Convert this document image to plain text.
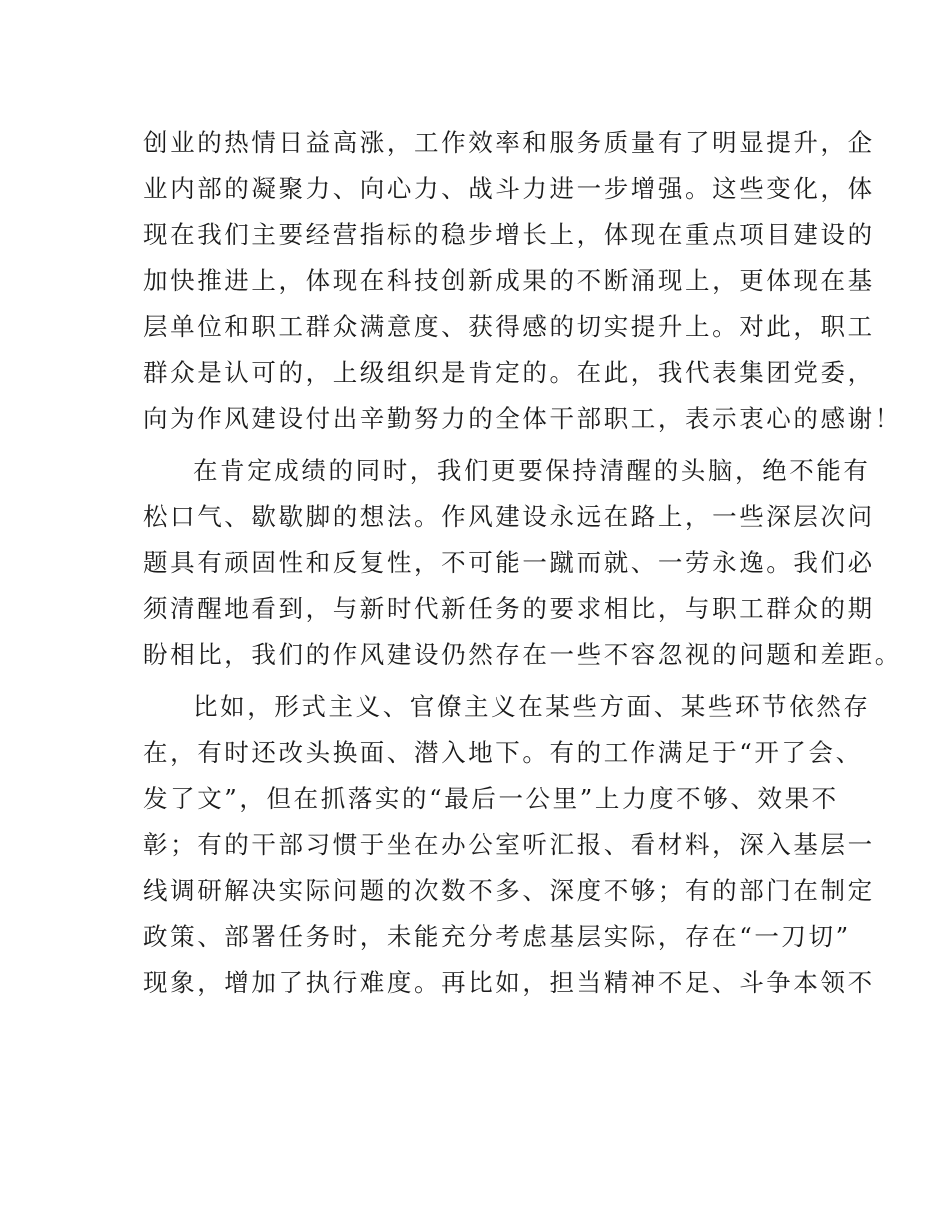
创业的热情日益高涨，工作效率和服务质量有了明显提升，企
业内部的凝聚力、向心力、战斗力进一步增强。这些变化，体
现在我们主要经营指标的稳步增长上，体现在重点项目建设的
加快推进上，体现在科技创新成果的不断涌现上，更体现在基
层单位和职工群众满意度、获得感的切实提升上。对此，职工
群众是认可的，上级组织是肯定的。在此，我代表集团党委，
向为作风建设付出辛勤努力的全体干部职工，表示衷心的感谢！
在肯定成绩的同时，我们更要保持清醒的头脑，绝不能有
松口气、歇歇脚的想法。作风建设永远在路上，一些深层次问
题具有顽固性和反复性，不可能一蹴而就、一劳永逸。我们必
须清醒地看到，与新时代新任务的要求相比，与职工群众的期
盼相比，我们的作风建设仍然存在一些不容忽视的问题和差距。
比如，形式主义、官僚主义在某些方面、某些环节依然存
在，有时还改头换面、潜入地下。有的工作满足于“开了会、
发了文”，但在抓落实的“最后一公里”上力度不够、效果不
彰；有的干部习惯于坐在办公室听汇报、看材料，深入基层一
线调研解决实际问题的次数不多、深度不够；有的部门在制定
政策、部署任务时，未能充分考虑基层实际，存在“一刀切”
现象，增加了执行难度。再比如，担当精神不足、斗争本领不
